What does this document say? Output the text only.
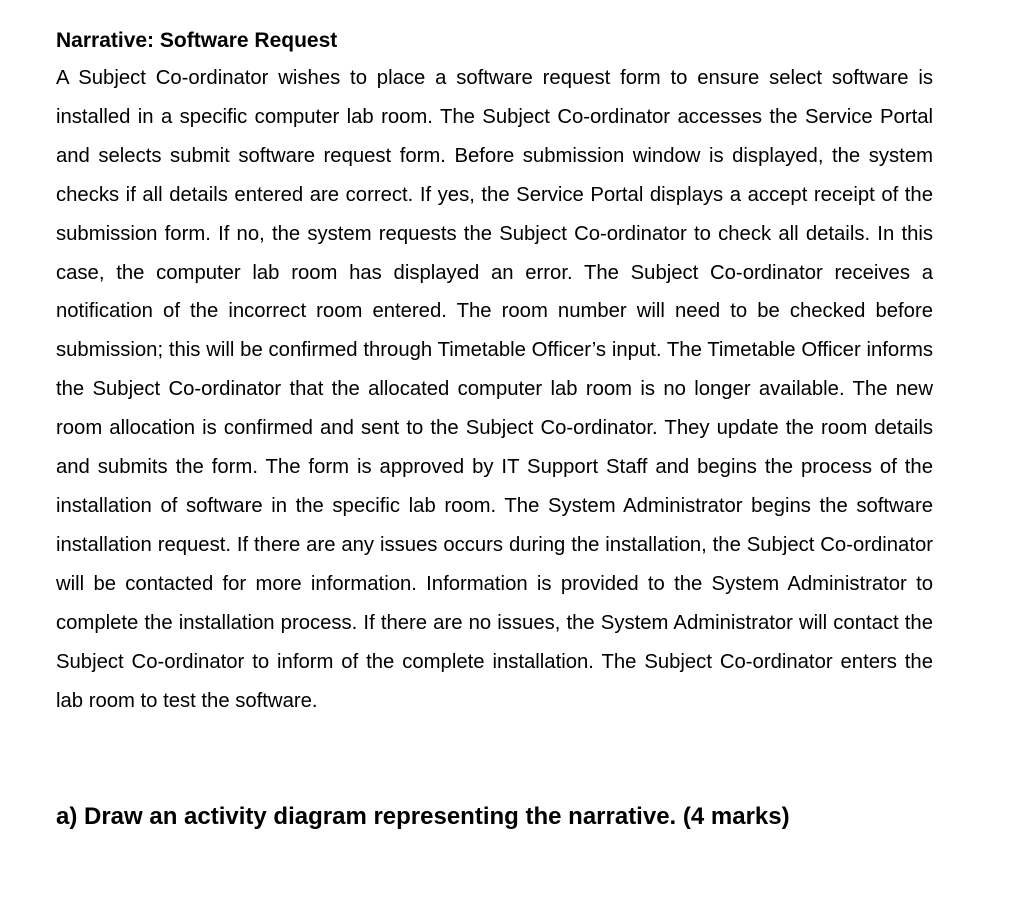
Narrative: Software Request

A Subject Co-ordinator wishes to place a software request form to ensure select software is installed in a specific computer lab room. The Subject Co-ordinator accesses the Service Portal and selects submit software request form. Before submission window is displayed, the system checks if all details entered are correct. If yes, the Service Portal displays a accept receipt of the submission form. If no, the system requests the Subject Co-ordinator to check all details. In this case, the computer lab room has displayed an error. The Subject Co-ordinator receives a notification of the incorrect room entered. The room number will need to be checked before submission; this will be confirmed through Timetable Officer’s input. The Timetable Officer informs the Subject Co-ordinator that the allocated computer lab room is no longer available. The new room allocation is confirmed and sent to the Subject Co-ordinator. They update the room details and submits the form. The form is approved by IT Support Staff and begins the process of the installation of software in the specific lab room. The System Administrator begins the software installation request. If there are any issues occurs during the installation, the Subject Co-ordinator will be contacted for more information. Information is provided to the System Administrator to complete the installation process. If there are no issues, the System Administrator will contact the Subject Co-ordinator to inform of the complete installation. The Subject Co-ordinator enters the lab room to test the software.

a) Draw an activity diagram representing the narrative. (4 marks)
